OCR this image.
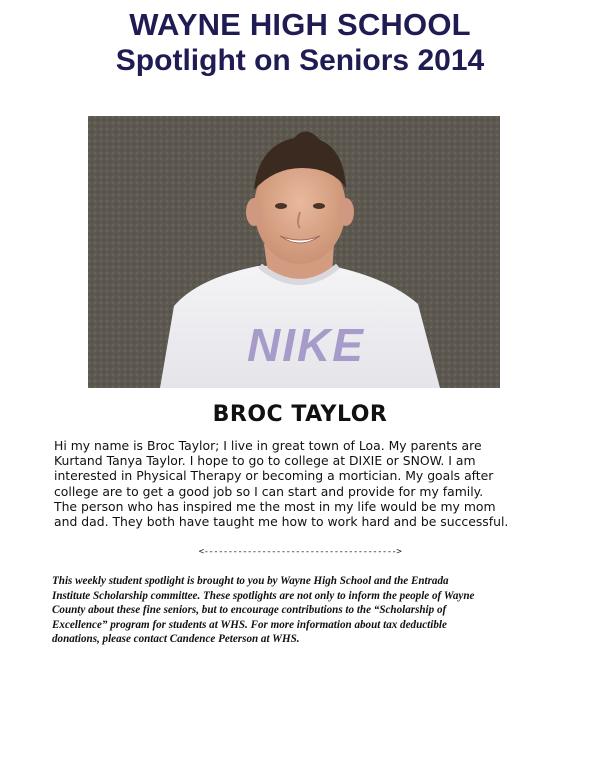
WAYNE HIGH SCHOOL
Spotlight on Seniors 2014
NIKE
BROC TAYLOR
Hi my name is Broc Taylor; I live in great town of Loa. My parents are
Kurtand Tanya Taylor. I hope to go to college at DIXIE or SNOW. I am
interested in Physical Therapy or becoming a mortician. My goals after
college are to get a good job so I can start and provide for my family.
The person who has inspired me the most in my life would be my mom
and dad. They both have taught me how to work hard and be successful.
<---------------------------------------->
This weekly student spotlight is brought to you by Wayne High School and the Entrada
Institute Scholarship committee. These spotlights are not only to inform the people of Wayne
County about these fine seniors, but to encourage contributions to the “Scholarship of
Excellence” program for students at WHS. For more information about tax deductible
donations, please contact Candence Peterson at WHS.
